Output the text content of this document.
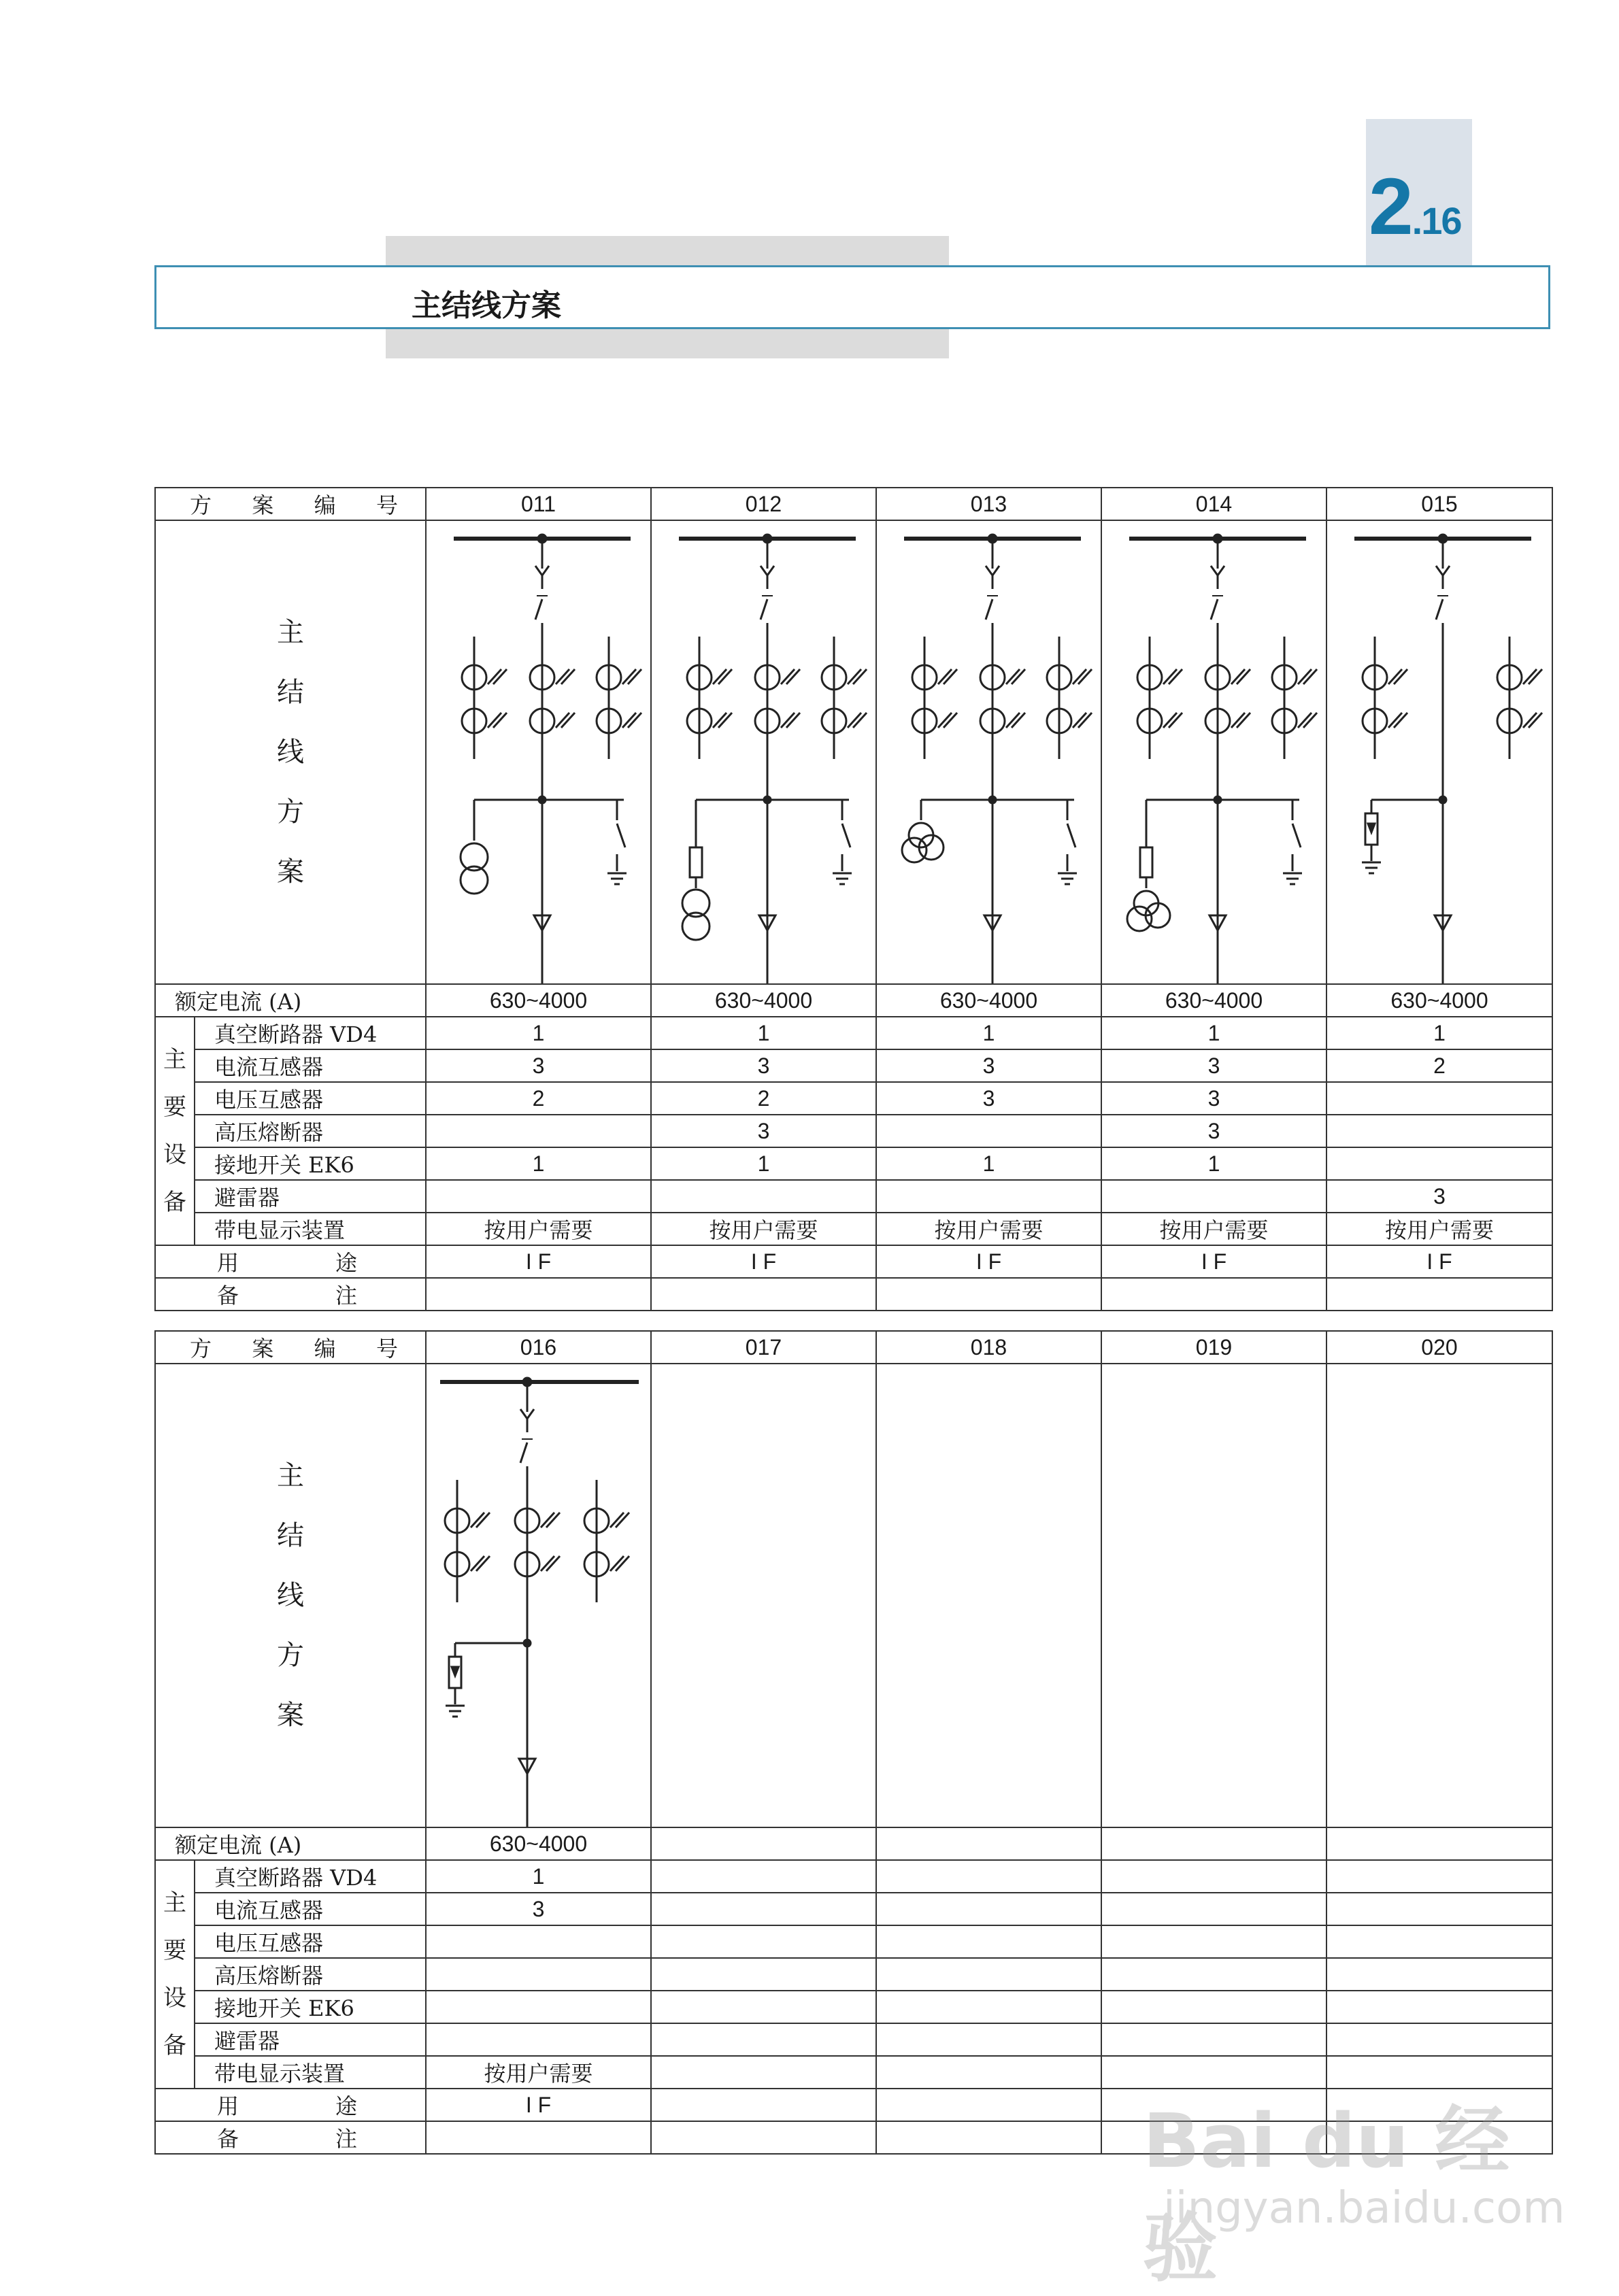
2.16
主结线方案
方 案 编 号		011	012	013	014	015

主
结
线
方
案

额定电流 (A)		630~4000	630~4000	630~4000	630~4000	630~4000

主
要
设
备	真空断路器 VD4	1	1	1	1	1
	电流互感器	3	3	3	3	2
	电压互感器	2	2	3	3	
	高压熔断器		3		3	
	接地开关 EK6	1	1	1	1	
	避雷器					3
	带电显示装置	按用户需要	按用户需要	按用户需要	按用户需要	按用户需要

用 途		I F	I F	I F	I F	I F

备 注						

方 案 编 号		016	017	018	019	020

主
结
线
方
案

额定电流 (A)		630~4000				

主
要
设
备	真空断路器 VD4	1				
	电流互感器	3				
	电压互感器					
	高压熔断器					
	接地开关 EK6					
	避雷器					
	带电显示装置	按用户需要				

用 途		I F				

备 注						
						Bai du 经验
jingyan.baidu.com
